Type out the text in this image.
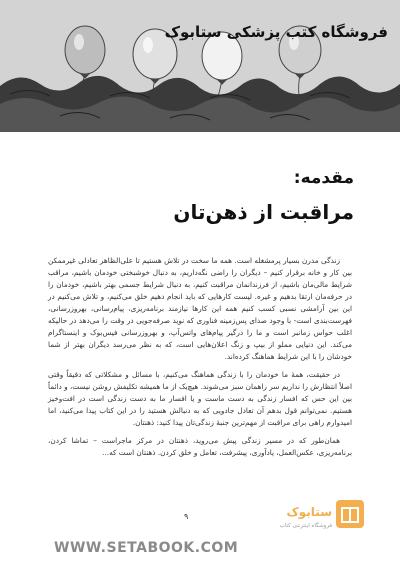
فروشگاه کتب پزشکی ستابوک
مقدمه:
مراقبت از ذهن‌تان

زندگی مدرن بسیار پرمشغله است. همه ما سخت در تلاش هستیم تا علی‌الظاهر تعادلی غیرممکن بین کار و خانه برقرار کنیم – دیگران را راضی نگه‌داریم، به دنبال خوشبختی خودمان باشیم، مراقب شرایط مالی‌مان باشیم، از فرزندانمان مراقبت کنیم، به دنبال شرایط جسمی بهتر باشیم، خودمان را در حرفه‌مان ارتقا بدهیم و غیره. لیست کارهایی که باید انجام دهیم خلق می‌کنیم، و تلاش می‌کنیم در این بین آرامشی نسبی کسب کنیم همه این کارها نیازمند برنامه‌ریزی، پیام‌رسانی، بهروزرسانی، فهرست‌بندی است- با وجود صدای پس‌زمینه فناوری که نوید صرفه‌جویی در وقت را می‌دهد در حالیکه اغلب حواس زمانبر است و ما را درگیر پیام‌های واتس‌آپ، و بهروزرسانی فیس‌بوک و اینستاگرام می‌کند. این دنیایی مملو از بیپ و زنگ اعلان‌هایی است، که به نظر می‌رسد دیگران بهتر از شما خودشان را با این شرایط هماهنگ کرده‌اند.

در حقیقت، همهٔ ما خودمان را با زندگی هماهنگ می‌کنیم، با مسائل و مشکلاتی که دقیقاً وقتی اصلاً انتظارش را نداریم سر راهمان سبز می‌شوند. هیچ‌یک از ما همیشه تکلیفش روشن نیست، و دائماً بین این حس که افسار زندگی به دست ماست و یا افسار ما به دست زندگی است در افت‌وخیز هستیم. نمی‌توانم قول بدهم آن تعادل جادویی که به دنبالش هستید را در این کتاب پیدا می‌کنید، اما امیدوارم راهی برای مراقبت از مهم‌ترین جنبهٔ زندگی‌تان پیدا کنید: ذهنتان.

همان‌طور که در مسیر زندگی پیش می‌روید، ذهنتان در مرکز ماجراست – تماشا کردن، برنامه‌ریزی، عکس‌العمل، یادآوری، پیشرفت، تعامل و خلق کردن. ذهنتان است که...

۹	ستابوک
فروشگاه اینترنتی کتاب
WWW.SETABOOK.COM
